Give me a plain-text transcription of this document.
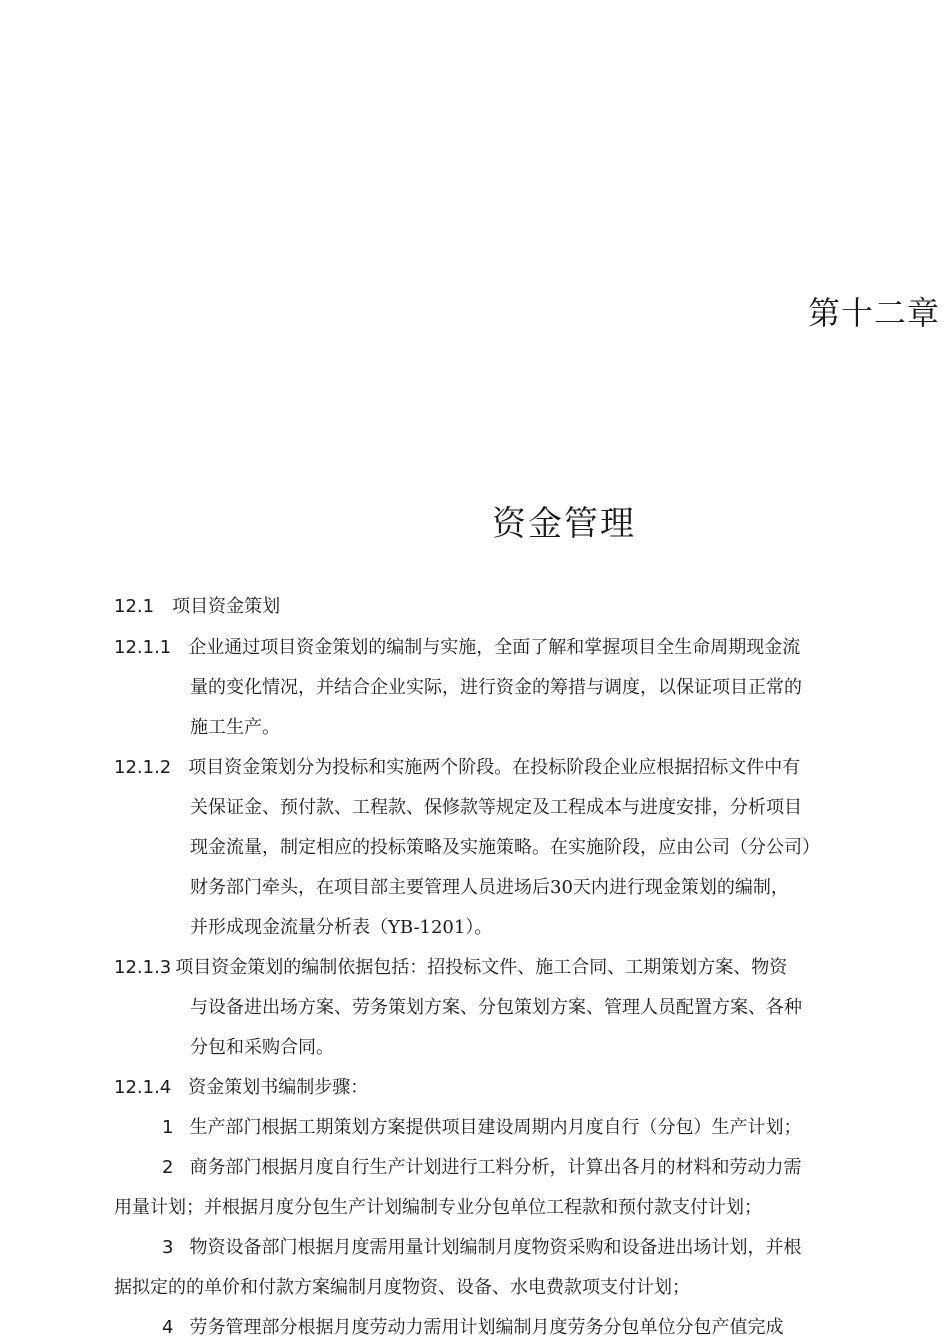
第十二章
资金管理
12.1 项目资金策划
12.1.1 企业通过项目资金策划的编制与实施，全面了解和掌握项目全生命周期现金流
量的变化情况，并结合企业实际，进行资金的筹措与调度，以保证项目正常的
施工生产。
12.1.2 项目资金策划分为投标和实施两个阶段。在投标阶段企业应根据招标文件中有
关保证金、预付款、工程款、保修款等规定及工程成本与进度安排，分析项目
现金流量，制定相应的投标策略及实施策略。在实施阶段，应由公司（分公司）
财务部门牵头，在项目部主要管理人员进场后30天内进行现金策划的编制，
并形成现金流量分析表（YB-1201）。
12.1.3 项目资金策划的编制依据包括：招投标文件、施工合同、工期策划方案、物资
与设备进出场方案、劳务策划方案、分包策划方案、管理人员配置方案、各种
分包和采购合同。
12.1.4 资金策划书编制步骤：
1 生产部门根据工期策划方案提供项目建设周期内月度自行（分包）生产计划；
2 商务部门根据月度自行生产计划进行工料分析，计算出各月的材料和劳动力需
用量计划；并根据月度分包生产计划编制专业分包单位工程款和预付款支付计划；
3 物资设备部门根据月度需用量计划编制月度物资采购和设备进出场计划，并根
据拟定的的单价和付款方案编制月度物资、设备、水电费款项支付计划；
4 劳务管理部分根据月度劳动力需用计划编制月度劳务分包单位分包产值完成
